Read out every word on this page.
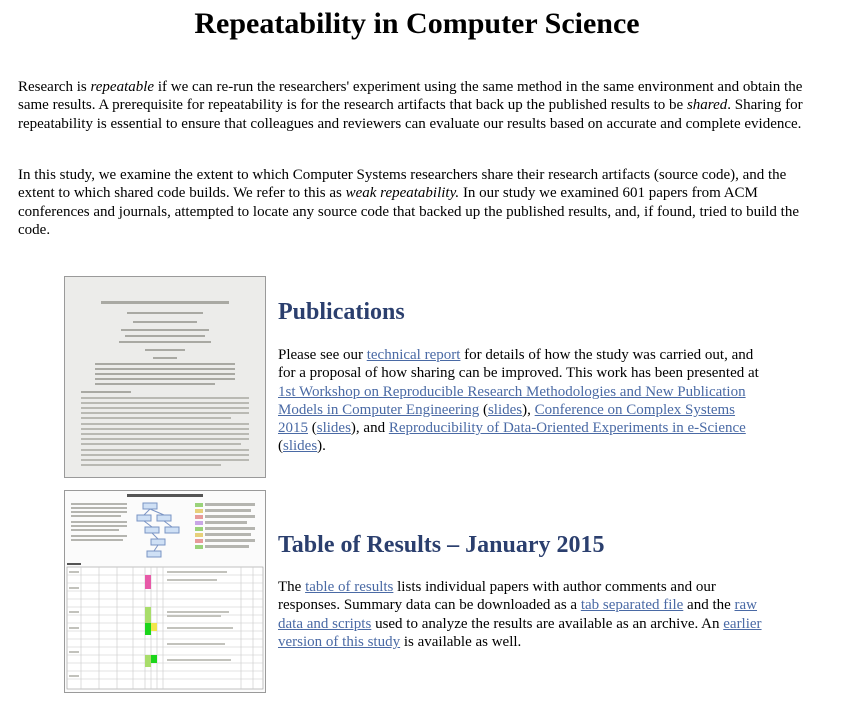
Repeatability in Computer Science

Research is repeatable if we can re-run the researchers' experiment using the same method in the same environment and obtain the same results. A prerequisite for repeatability is for the research artifacts that back up the published results to be shared. Sharing for repeatability is essential to ensure that colleagues and reviewers can evaluate our results based on accurate and complete evidence.

In this study, we examine the extent to which Computer Systems researchers share their research artifacts (source code), and the extent to which shared code builds. We refer to this as weak repeatability. In our study we examined 601 papers from ACM conferences and journals, attempted to locate any source code that backed up the published results, and, if found, tried to build the code.

Publications

Please see our technical report for details of how the study was carried out, and for a proposal of how sharing can be improved. This work has been presented at 1st Workshop on Reproducible Research Methodologies and New Publication Models in Computer Engineering (slides), Conference on Complex Systems 2015 (slides), and Reproducibility of Data-Oriented Experiments in e-Science (slides).

Table of Results – January 2015

The table of results lists individual papers with author comments and our responses. Summary data can be downloaded as a tab separated file and the raw data and scripts used to analyze the results are available as an archive. An earlier version of this study is available as well.
